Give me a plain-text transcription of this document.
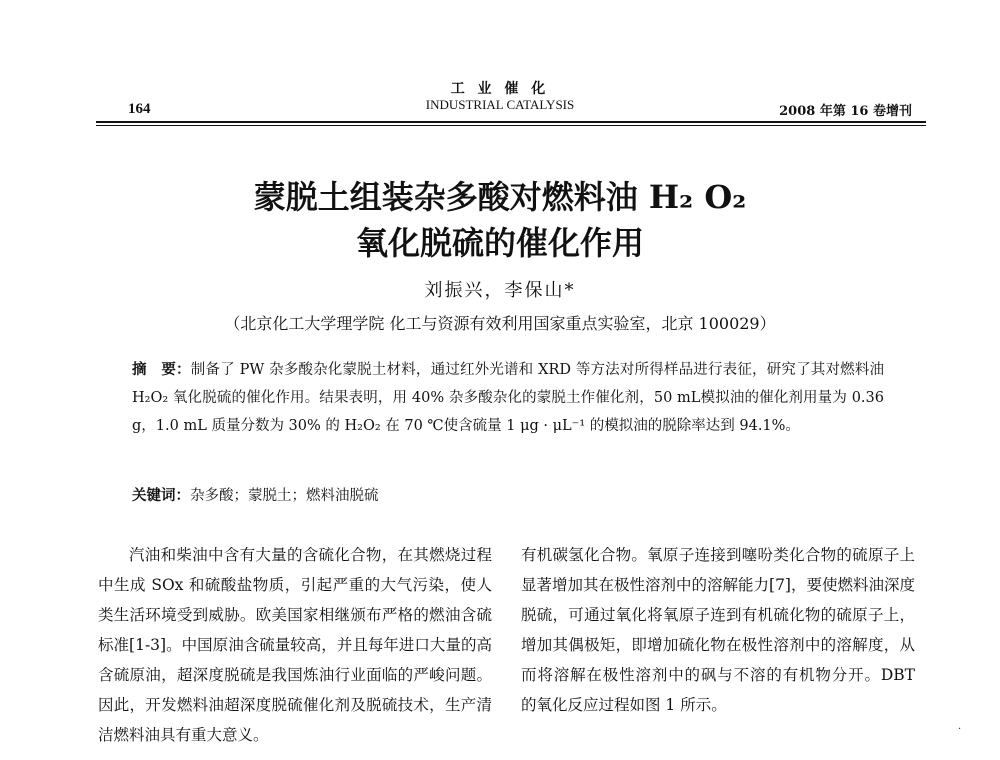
164
工 业 催 化
INDUSTRIAL CATALYSIS	2008 年第 16 卷增刊
蒙脱土组装杂多酸对燃料油 H₂ O₂
氧化脱硫的催化作用
刘振兴，李保山*
（北京化工大学理学院 化工与资源有效利用国家重点实验室，北京 100029）
摘　要：制备了 PW 杂多酸杂化蒙脱土材料，通过红外光谱和 XRD 等方法对所得样品进行表征，研究了其对燃料油 H₂O₂ 氧化脱硫的催化作用。结果表明，用 40% 杂多酸杂化的蒙脱土作催化剂，50 mL模拟油的催化剂用量为 0.36 g，1.0 mL 质量分数为 30% 的 H₂O₂ 在 70 ℃使含硫量 1 μg · μL⁻¹ 的模拟油的脱除率达到 94.1%。
关键词：杂多酸；蒙脱土；燃料油脱硫
汽油和柴油中含有大量的含硫化合物，在其燃烧过程中生成 SOx 和硫酸盐物质，引起严重的大气污染，使人类生活环境受到威胁。欧美国家相继颁布严格的燃油含硫标准[1-3]。中国原油含硫量较高，并且每年进口大量的高含硫原油，超深度脱硫是我国炼油行业面临的严峻问题。因此，开发燃料油超深度脱硫催化剂及脱硫技术，生产清洁燃料油具有重大意义。
有机碳氢化合物。氧原子连接到噻吩类化合物的硫原子上显著增加其在极性溶剂中的溶解能力[7]，要使燃料油深度脱硫，可通过氧化将氧原子连到有机硫化物的硫原子上，增加其偶极矩，即增加硫化物在极性溶剂中的溶解度，从而将溶解在极性溶剂中的砜与不溶的有机物分开。DBT 的氧化反应过程如图 1 所示。
·
